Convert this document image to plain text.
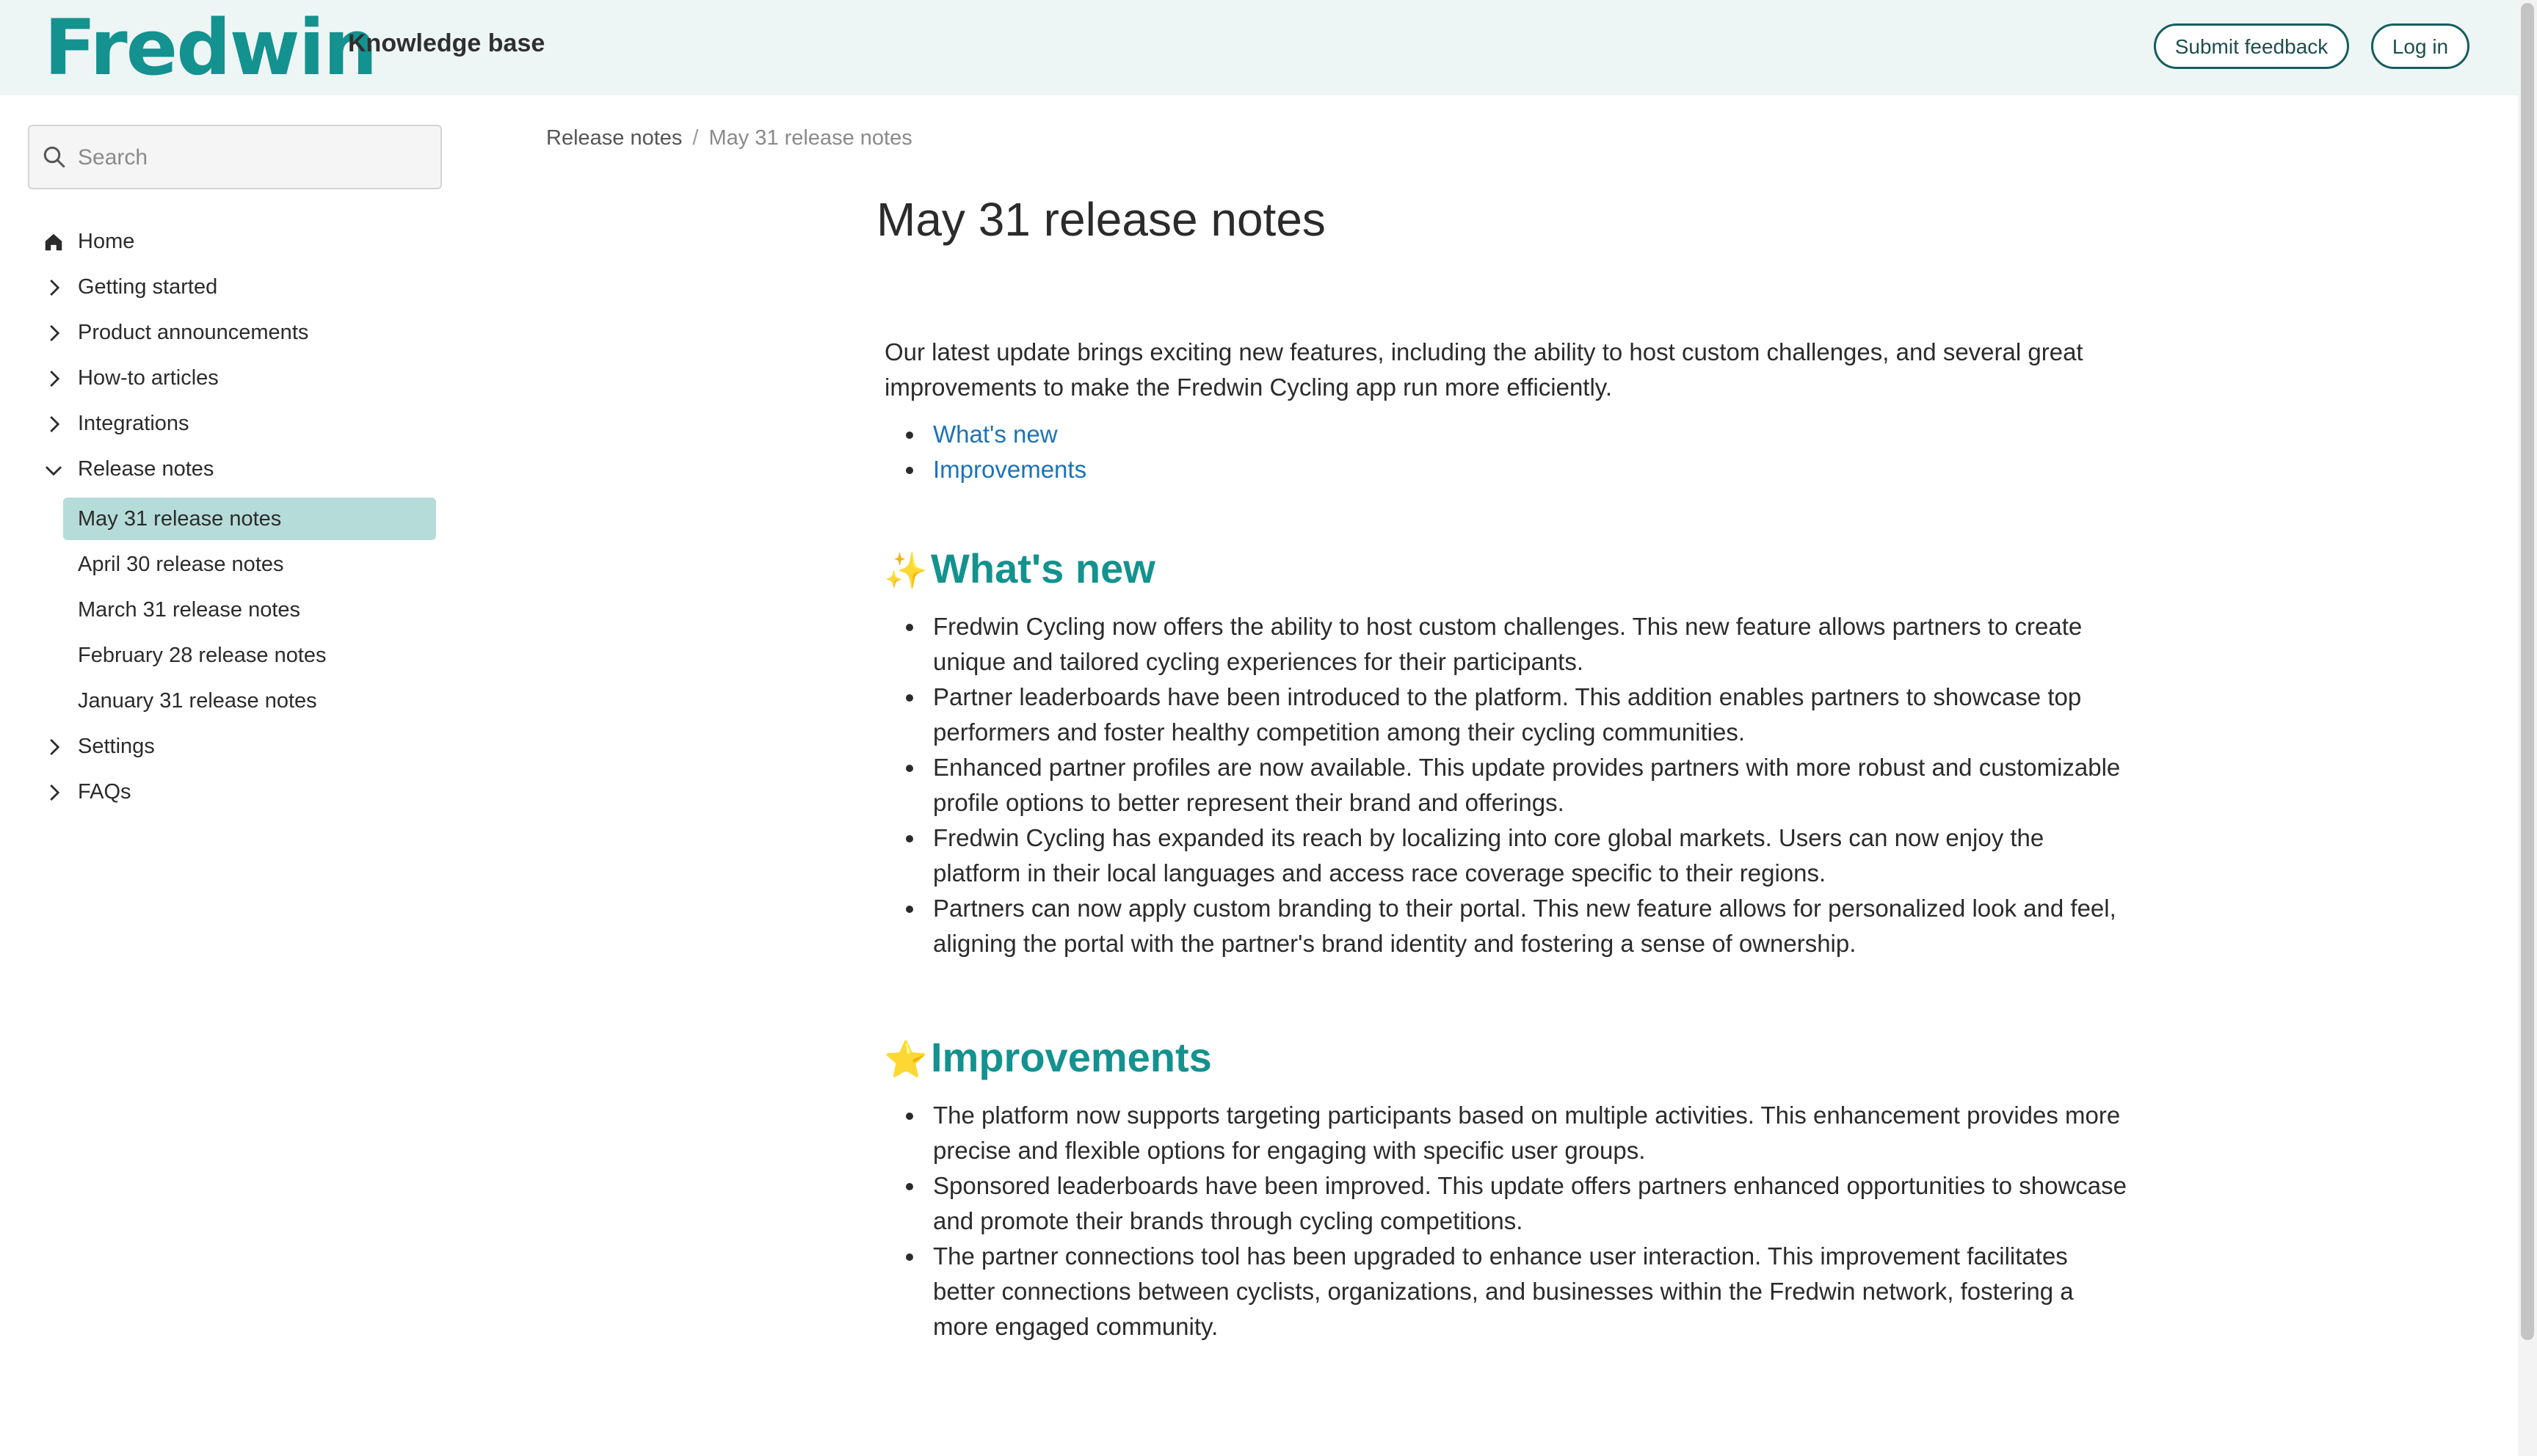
Fredwin
Knowledge base	Submit feedback	Log in
Search
Home
Getting started
Product announcements
How-to articles
Integrations
Release notes
May 31 release notes
April 30 release notes
March 31 release notes
February 28 release notes
January 31 release notes
Settings
FAQs
Release notes / May 31 release notes
May 31 release notes

Our latest update brings exciting new features, including the ability to host custom challenges, and several great improvements to make the Fredwin Cycling app run more efficiently.

What's new
Improvements
✨What's new
Fredwin Cycling now offers the ability to host custom challenges. This new feature allows partners to create unique and tailored cycling experiences for their participants.
Partner leaderboards have been introduced to the platform. This addition enables partners to showcase top performers and foster healthy competition among their cycling communities.
Enhanced partner profiles are now available. This update provides partners with more robust and customizable profile options to better represent their brand and offerings.
Fredwin Cycling has expanded its reach by localizing into core global markets. Users can now enjoy the platform in their local languages and access race coverage specific to their regions.
Partners can now apply custom branding to their portal. This new feature allows for personalized look and feel, aligning the portal with the partner's brand identity and fostering a sense of ownership.
⭐Improvements
The platform now supports targeting participants based on multiple activities. This enhancement provides more precise and flexible options for engaging with specific user groups.
Sponsored leaderboards have been improved. This update offers partners enhanced opportunities to showcase and promote their brands through cycling competitions.
The partner connections tool has been upgraded to enhance user interaction. This improvement facilitates better connections between cyclists, organizations, and businesses within the Fredwin network, fostering a more engaged community.
